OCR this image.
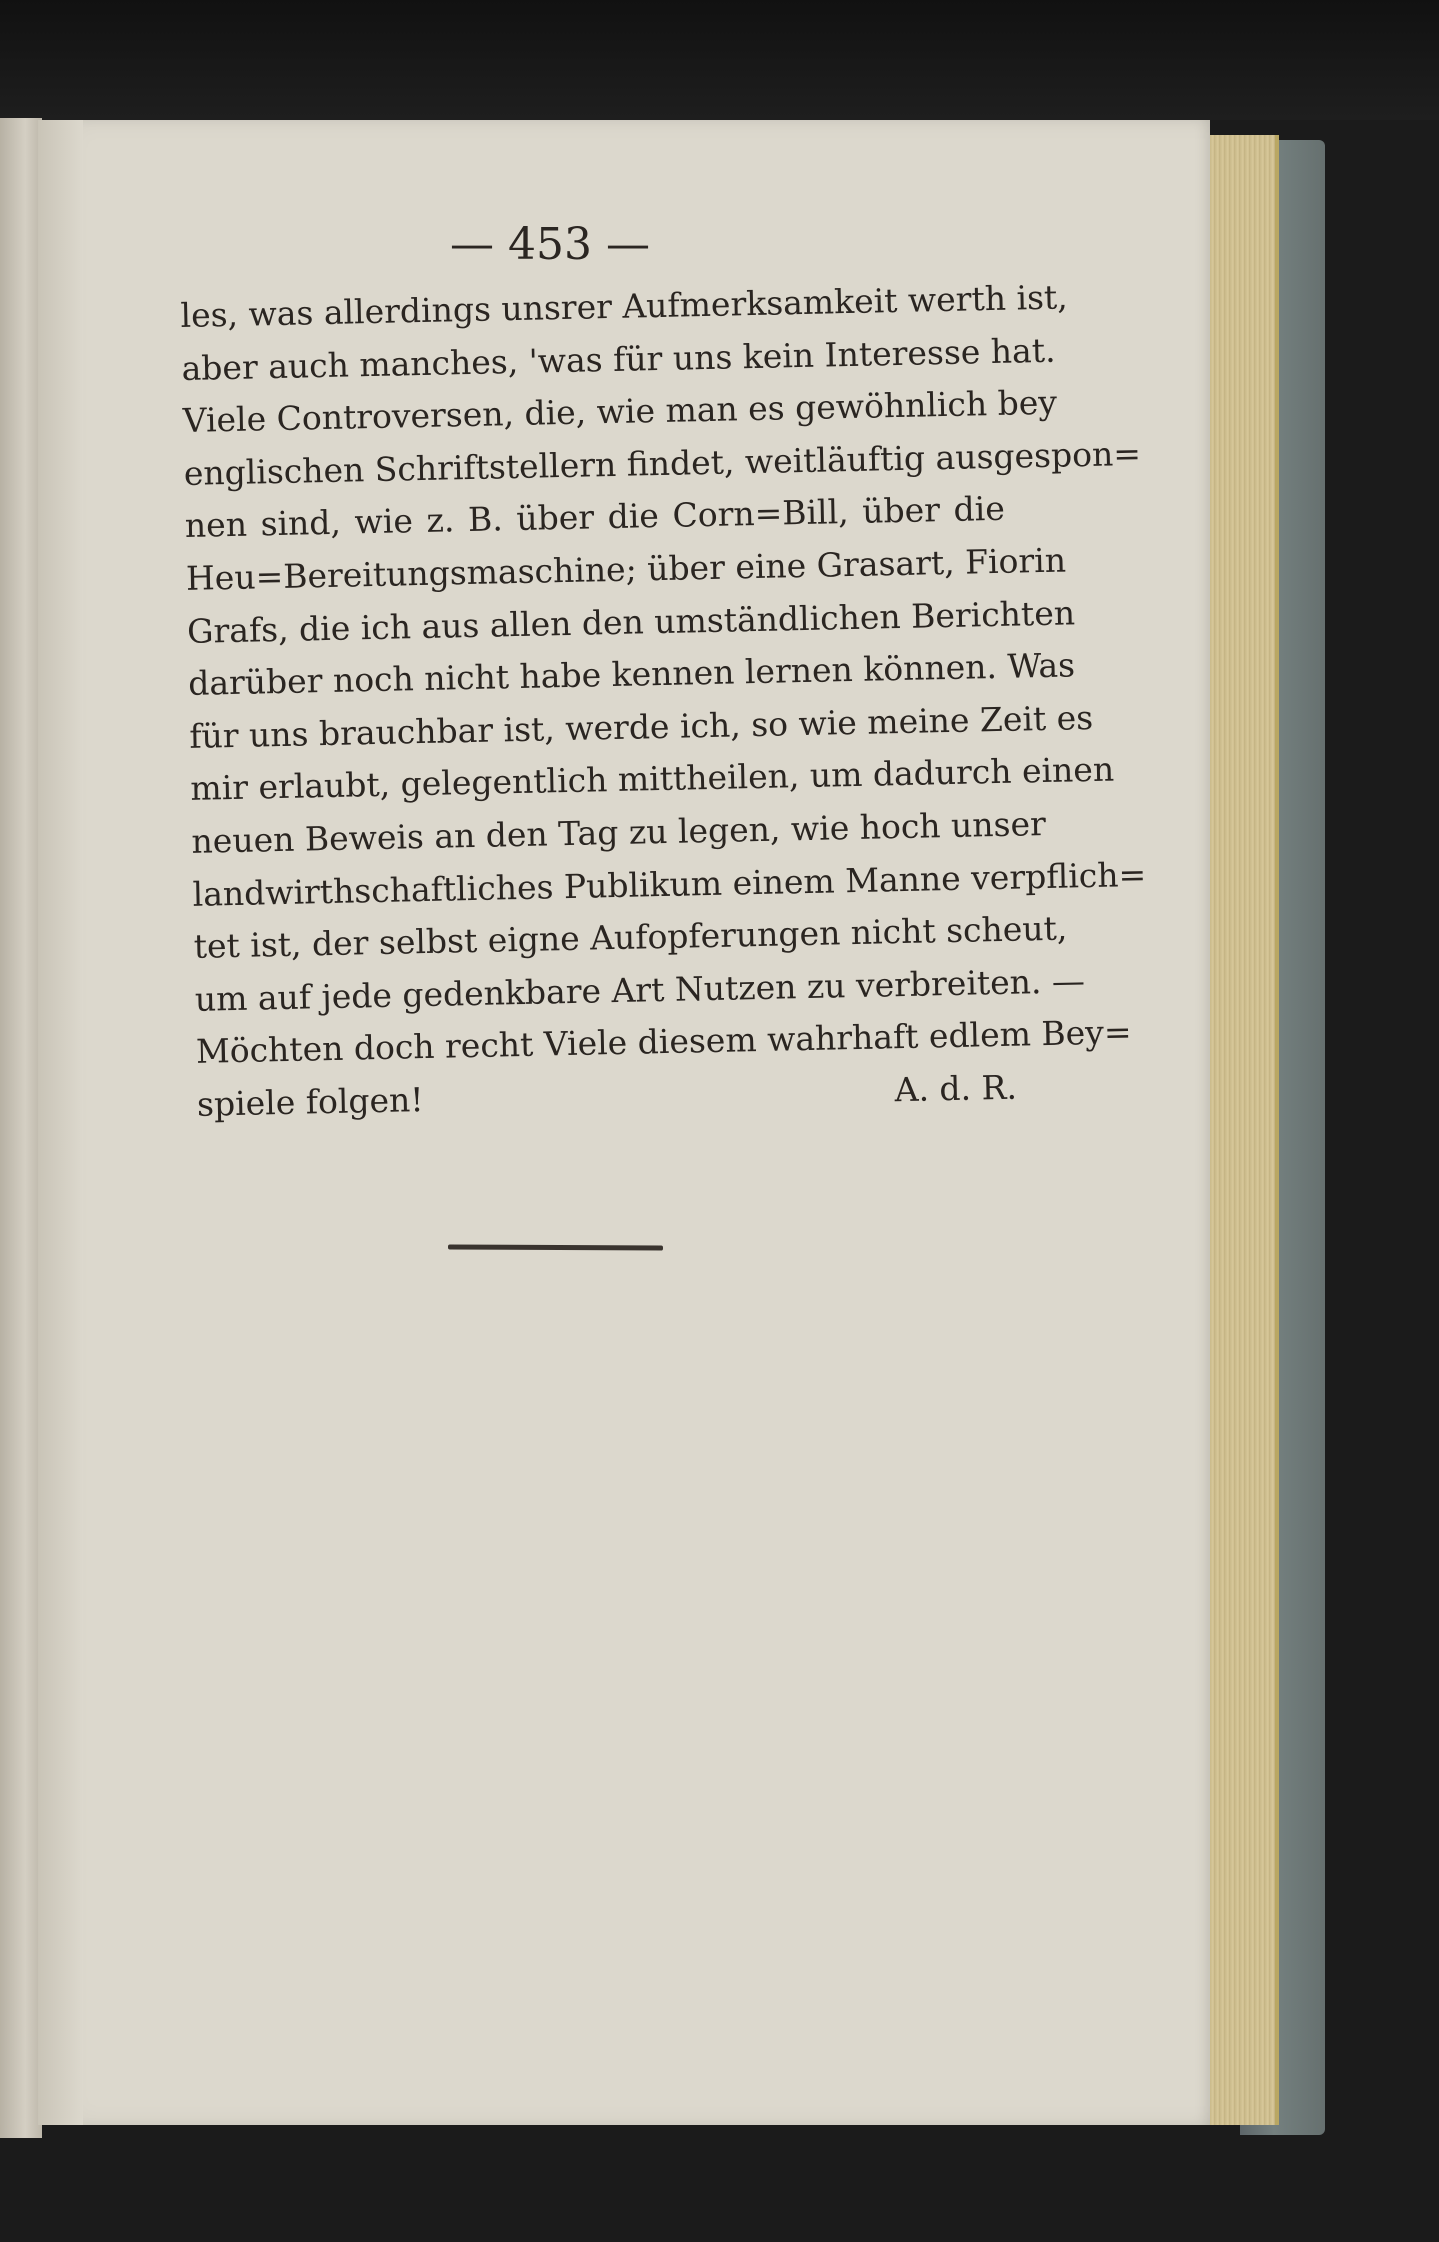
— 453 —
les, was allerdings unsrer Aufmerksamkeit werth ist,
aber auch manches, 'was für uns kein Interesse hat.
Viele Controversen, die, wie man es gewöhnlich bey
englischen Schriftstellern findet, weitläuftig ausgespon=
nen sind, wie z. B. über die Corn=Bill, über die
Heu=Bereitungsmaschine; über eine Grasart, Fiorin
Grafs, die ich aus allen den umständlichen Berichten
darüber noch nicht habe kennen lernen können. Was
für uns brauchbar ist, werde ich, so wie meine Zeit es
mir erlaubt, gelegentlich mittheilen, um dadurch einen
neuen Beweis an den Tag zu legen, wie hoch unser
landwirthschaftliches Publikum einem Manne verpflich=
tet ist, der selbst eigne Aufopferungen nicht scheut,
um auf jede gedenkbare Art Nutzen zu verbreiten. —
Möchten doch recht Viele diesem wahrhaft edlem Bey=
spiele folgen!	A. d. R.
